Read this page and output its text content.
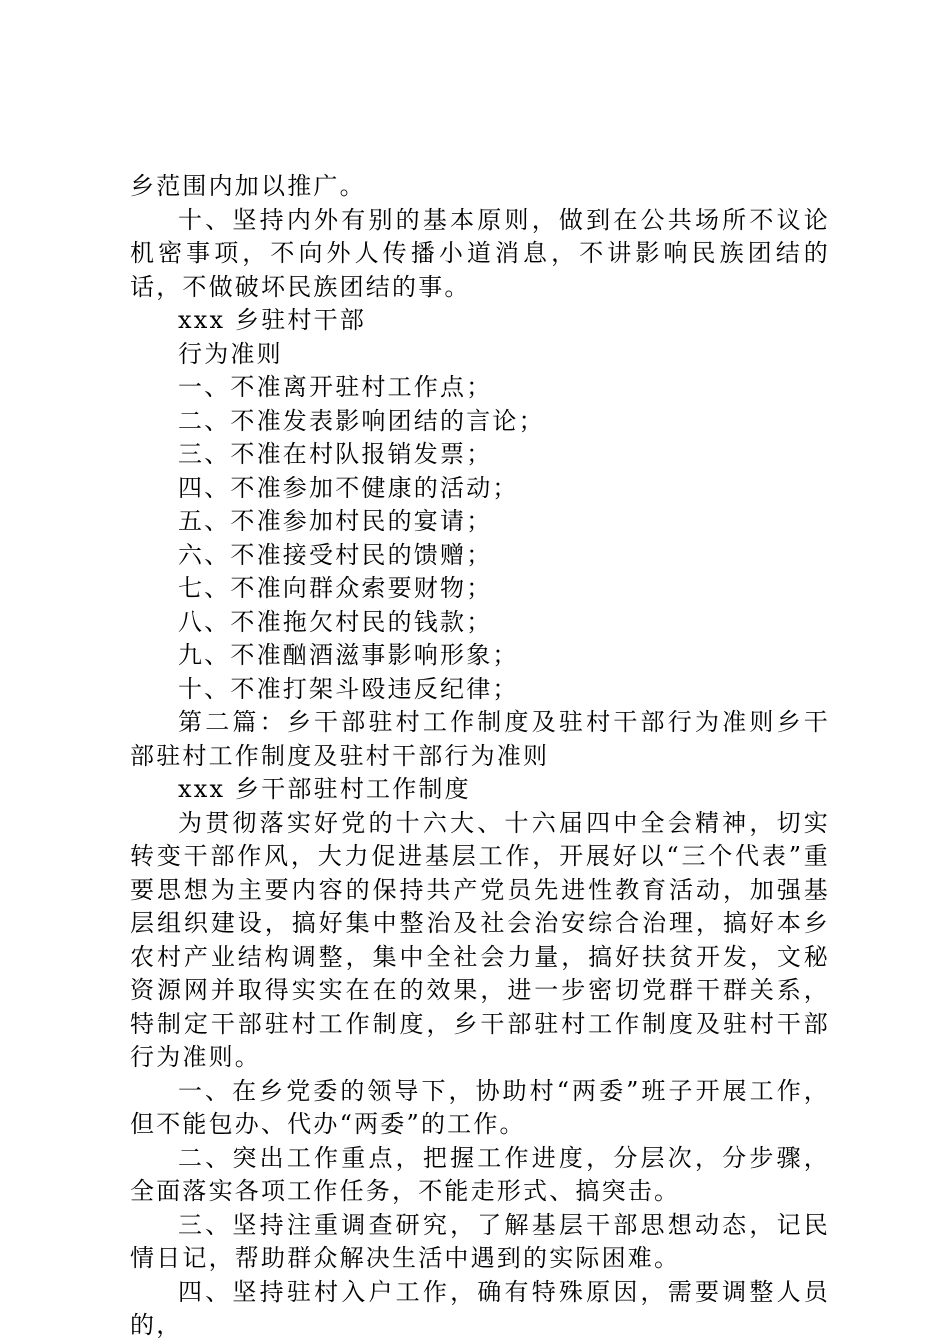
乡范围内加以推广。

十、坚持内外有别的基本原则，做到在公共场所不议论机密事项，不向外人传播小道消息，不讲影响民族团结的话，不做破坏民族团结的事。

xxx 乡驻村干部

行为准则

一、不准离开驻村工作点；

二、不准发表影响团结的言论；

三、不准在村队报销发票；

四、不准参加不健康的活动；

五、不准参加村民的宴请；

六、不准接受村民的馈赠；

七、不准向群众索要财物；

八、不准拖欠村民的钱款；

九、不准酗酒滋事影响形象；

十、不准打架斗殴违反纪律；

第二篇：乡干部驻村工作制度及驻村干部行为准则乡干部驻村工作制度及驻村干部行为准则

xxx 乡干部驻村工作制度

为贯彻落实好党的十六大、十六届四中全会精神，切实转变干部作风，大力促进基层工作，开展好以“三个代表”重要思想为主要内容的保持共产党员先进性教育活动，加强基层组织建设，搞好集中整治及社会治安综合治理，搞好本乡农村产业结构调整，集中全社会力量，搞好扶贫开发，文秘资源网并取得实实在在的效果，进一步密切党群干群关系，特制定干部驻村工作制度，乡干部驻村工作制度及驻村干部行为准则。

一、在乡党委的领导下，协助村“两委”班子开展工作，但不能包办、代办“两委”的工作。

二、突出工作重点，把握工作进度，分层次，分步骤，全面落实各项工作任务，不能走形式、搞突击。

三、坚持注重调查研究，了解基层干部思想动态，记民情日记，帮助群众解决生活中遇到的实际困难。

四、坚持驻村入户工作，确有特殊原因，需要调整人员的，
